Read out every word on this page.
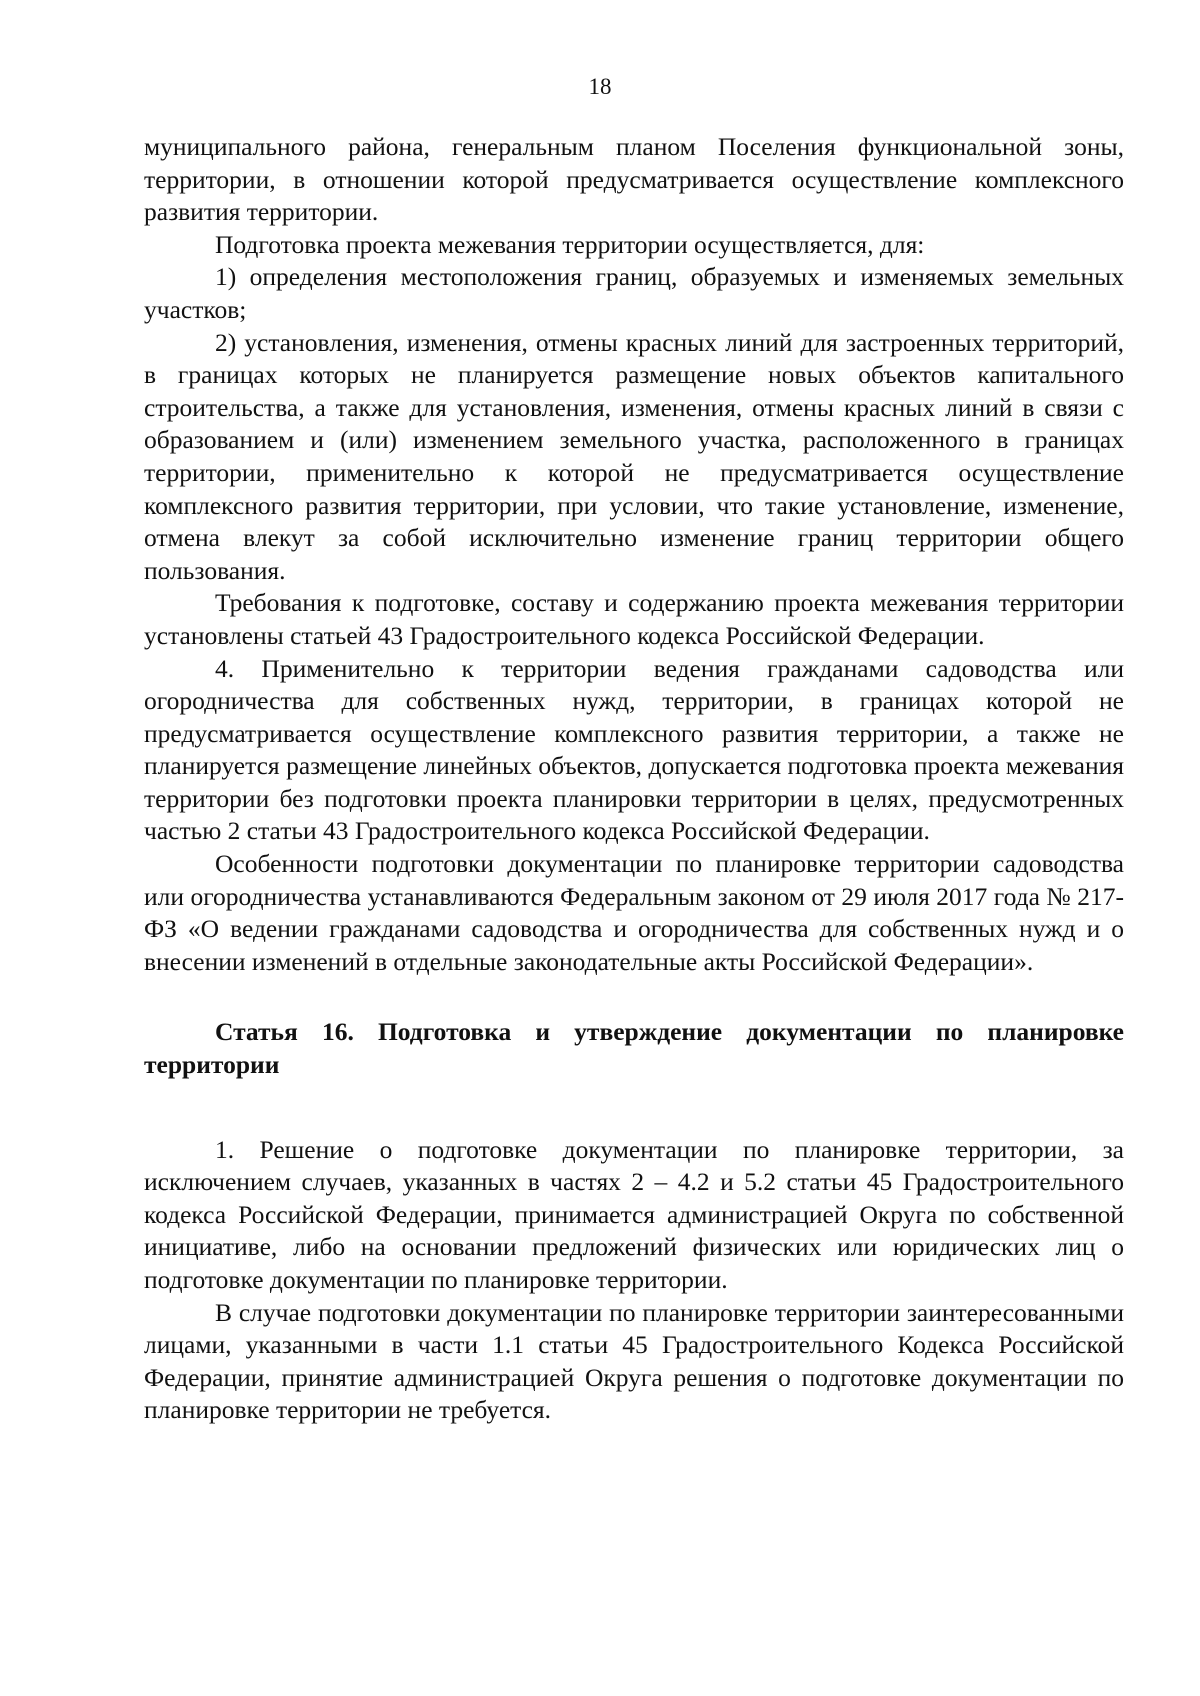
18

муниципального района, генеральным планом Поселения функциональной зоны, территории, в отношении которой предусматривается осуществление комплексного развития территории.

Подготовка проекта межевания территории осуществляется, для:

1) определения местоположения границ, образуемых и изменяемых земельных участков;

2) установления, изменения, отмены красных линий для застроенных территорий, в границах которых не планируется размещение новых объектов капитального строительства, а также для установления, изменения, отмены красных линий в связи с образованием и (или) изменением земельного участка, расположенного в границах территории, применительно к которой не предусматривается осуществление комплексного развития территории, при условии, что такие установление, изменение, отмена влекут за собой исключительно изменение границ территории общего пользования.

Требования к подготовке, составу и содержанию проекта межевания территории установлены статьей 43 Градостроительного кодекса Российской Федерации.

4. Применительно к территории ведения гражданами садоводства или огородничества для собственных нужд, территории, в границах которой не предусматривается осуществление комплексного развития территории, а также не планируется размещение линейных объектов, допускается подготовка проекта межевания территории без подготовки проекта планировки территории в целях, предусмотренных частью 2 статьи 43 Градостроительного кодекса Российской Федерации.

Особенности подготовки документации по планировке территории садоводства или огородничества устанавливаются Федеральным законом от 29 июля 2017 года № 217-ФЗ «О ведении гражданами садоводства и огородничества для собственных нужд и о внесении изменений в отдельные законодательные акты Российской Федерации».

Статья 16. Подготовка и утверждение документации по планировке территории

1. Решение о подготовке документации по планировке территории, за исключением случаев, указанных в частях 2 – 4.2 и 5.2 статьи 45 Градостроительного кодекса Российской Федерации, принимается администрацией Округа по собственной инициативе, либо на основании предложений физических или юридических лиц о подготовке документации по планировке территории.

В случае подготовки документации по планировке территории заинтересованными лицами, указанными в части 1.1 статьи 45 Градостроительного Кодекса Российской Федерации, принятие администрацией Округа решения о подготовке документации по планировке территории не требуется.
